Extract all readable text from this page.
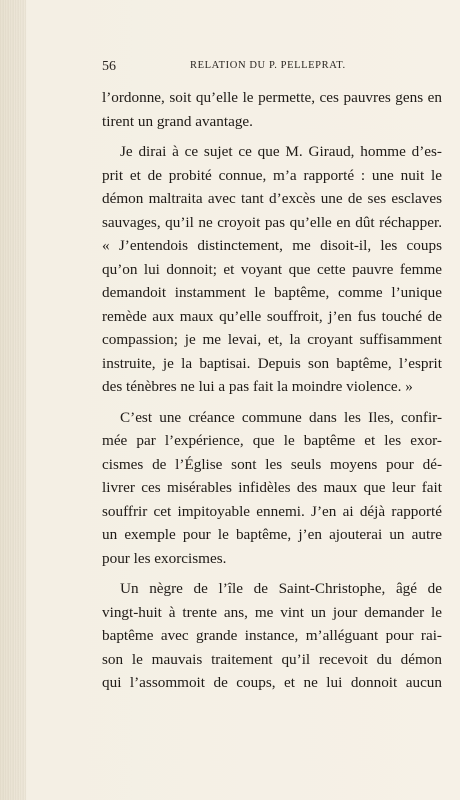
56	RELATION DU P. PELLEPRAT.
l’ordonne, soit qu’elle le permette, ces pauvres gens en
tirent un grand avantage.
Je dirai à ce sujet ce que M. Giraud, homme d’es-
prit et de probité connue, m’a rapporté : une nuit le
démon maltraita avec tant d’excès une de ses esclaves
sauvages, qu’il ne croyoit pas qu’elle en dût réchapper.
« J’entendois distinctement, me disoit-il, les coups
qu’on lui donnoit; et voyant que cette pauvre femme
demandoit instamment le baptême, comme l’unique
remède aux maux qu’elle souffroit, j’en fus touché de
compassion; je me levai, et, la croyant suffisamment
instruite, je la baptisai. Depuis son baptême, l’esprit
des ténèbres ne lui a pas fait la moindre violence. »
C’est une créance commune dans les Iles, confir-
mée par l’expérience, que le baptême et les exor-
cismes de l’Église sont les seuls moyens pour dé-
livrer ces misérables infidèles des maux que leur fait
souffrir cet impitoyable ennemi. J’en ai déjà rapporté
un exemple pour le baptême, j’en ajouterai un autre
pour les exorcismes.
Un nègre de l’île de Saint-Christophe, âgé de
vingt-huit à trente ans, me vint un jour demander le
baptême avec grande instance, m’alléguant pour rai-
son le mauvais traitement qu’il recevoit du démon
qui l’assommoit de coups, et ne lui donnoit aucun
